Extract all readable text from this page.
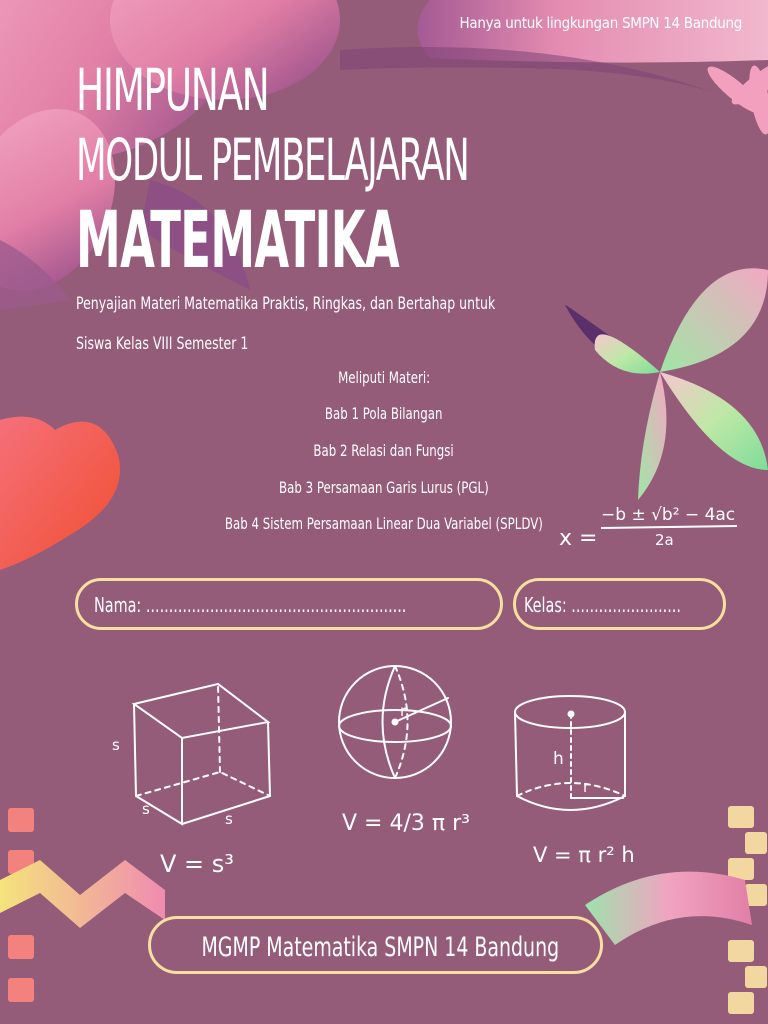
Hanya untuk lingkungan SMPN 14 Bandung
HIMPUNAN
MODUL PEMBELAJARAN
MATEMATIKA
Penyajian Materi Matematika Praktis, Ringkas, dan Bertahap untuk
Siswa Kelas VIII Semester 1
Meliputi Materi:
Bab 1 Pola Bilangan
Bab 2 Relasi dan Fungsi
Bab 3 Persamaan Garis Lurus (PGL)
Bab 4 Sistem Persamaan Linear Dua Variabel (SPLDV)
x =
−b ± √b² − 4ac
2a
Nama: .........................................................	Kelas: ........................
s
s
s
V = s³
r
V = 4/3 π r³
h
r
V = π r² h
MGMP Matematika SMPN 14 Bandung
